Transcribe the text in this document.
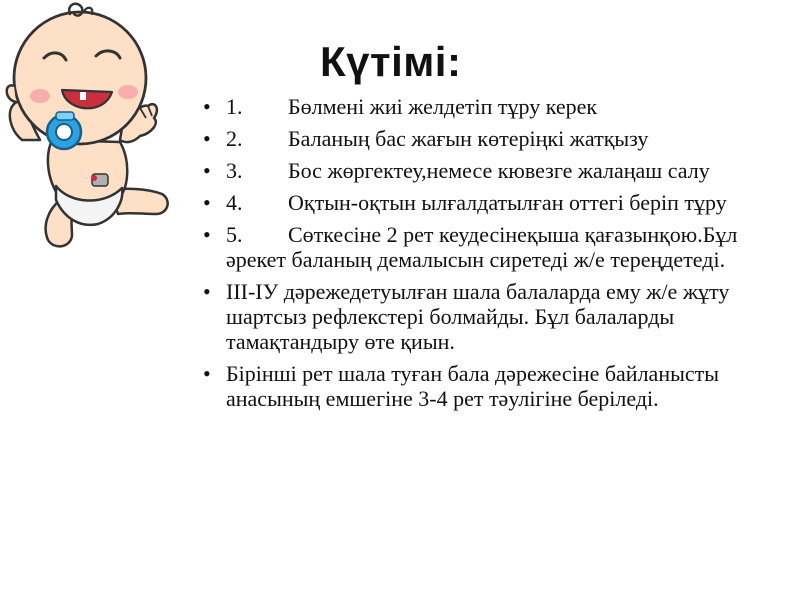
Күтімі:
• 1. Бөлмені жиі желдетіп тұру керек
• 2. Баланың бас жағын көтеріңкі жатқызу
• 3. Бос жөргектеу,немесе кювезге жалаңаш салу
• 4. Оқтын-оқтын ылғалдатылған оттегі беріп тұру
• 5. Сөткесіне 2 рет кеудесінеқыша қағазынқою.Бұл әрекет баланың демалысын сиретеді ж/е тереңдетеді.
• III-IУ дәрежедетуылған шала балаларда ему ж/е жұту шартсыз рефлекстері болмайды. Бұл балаларды тамақтандыру өте қиын.
• Бірінші рет шала туған бала дәрежесіне байланысты анасының емшегіне 3-4 рет тәулігіне беріледі.
